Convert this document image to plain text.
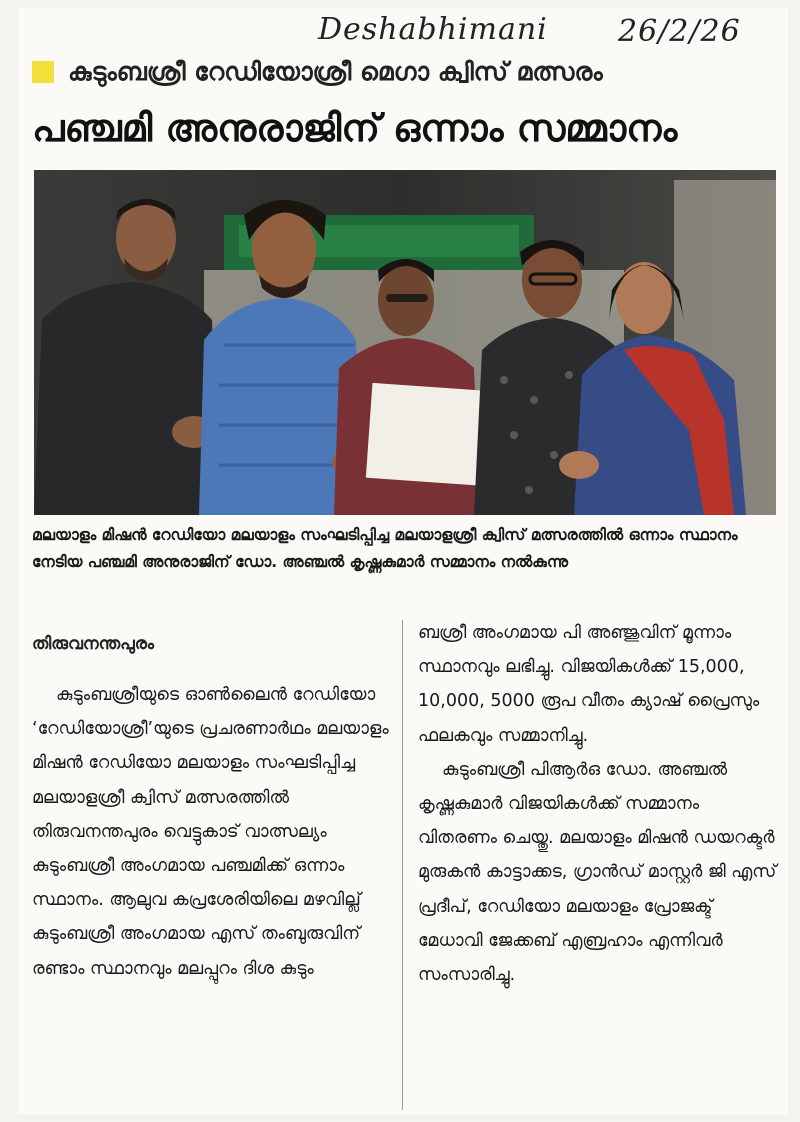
Deshabhimani 26/2/26
കുടുംബശ്രീ റേഡിയോശ്രീ മെഗാ ക്വിസ് മത്സരം
പഞ്ചമി അനുരാജിന് ഒന്നാം സമ്മാനം
മലയാളം മിഷൻ റേഡിയോ മലയാളം സംഘടിപ്പിച്ച മലയാളശ്രീ ക്വിസ് മത്സരത്തിൽ ഒന്നാം സ്ഥാനം നേടിയ പഞ്ചമി അനുരാജിന് ഡോ. അഞ്ചൽ കൃഷ്ണകുമാർ സമ്മാനം നൽകുന്നു
തിരുവനന്തപുരം

കുടുംബശ്രീയുടെ ഓൺലൈൻ റേഡിയോ ‘റേഡിയോശ്രീ’യുടെ പ്രചരണാർഥം മലയാളം മിഷൻ റേഡിയോ മലയാളം സംഘടിപ്പിച്ച മലയാളശ്രീ ക്വിസ് മത്സരത്തിൽ തിരുവനന്തപുരം വെട്ടുകാട് വാത്സല്യം കുടുംബശ്രീ അംഗമായ പഞ്ചമിക്ക് ഒന്നാം സ്ഥാനം. ആലുവ കപ്രശേരിയിലെ മഴവില്ല് കുടുംബശ്രീ അംഗമായ എസ് തംബുരുവിന് രണ്ടാം സ്ഥാനവും മലപ്പുറം ദിശ കുടും

ബശ്രീ അംഗമായ പി അഞ്ജുവിന് മൂന്നാം സ്ഥാനവും ലഭിച്ചു. വിജയികൾക്ക് 15,000, 10,000, 5000 രൂപ വീതം ക്യാഷ് പ്രൈസും ഫലകവും സമ്മാനിച്ചു.

കുടുംബശ്രീ പിആർഒ ഡോ. അഞ്ചൽ കൃഷ്ണകുമാർ വിജയികൾക്ക് സമ്മാനം വിതരണം ചെയ്തു. മലയാളം മിഷൻ ഡയറക്ടർ മുരുകൻ കാട്ടാക്കട, ഗ്രാൻഡ് മാസ്റ്റർ ജി എസ് പ്രദീപ്, റേഡിയോ മലയാളം പ്രോജക്ട് മേധാവി ജേക്കബ് എബ്രഹാം എന്നിവർ സംസാരിച്ചു.
